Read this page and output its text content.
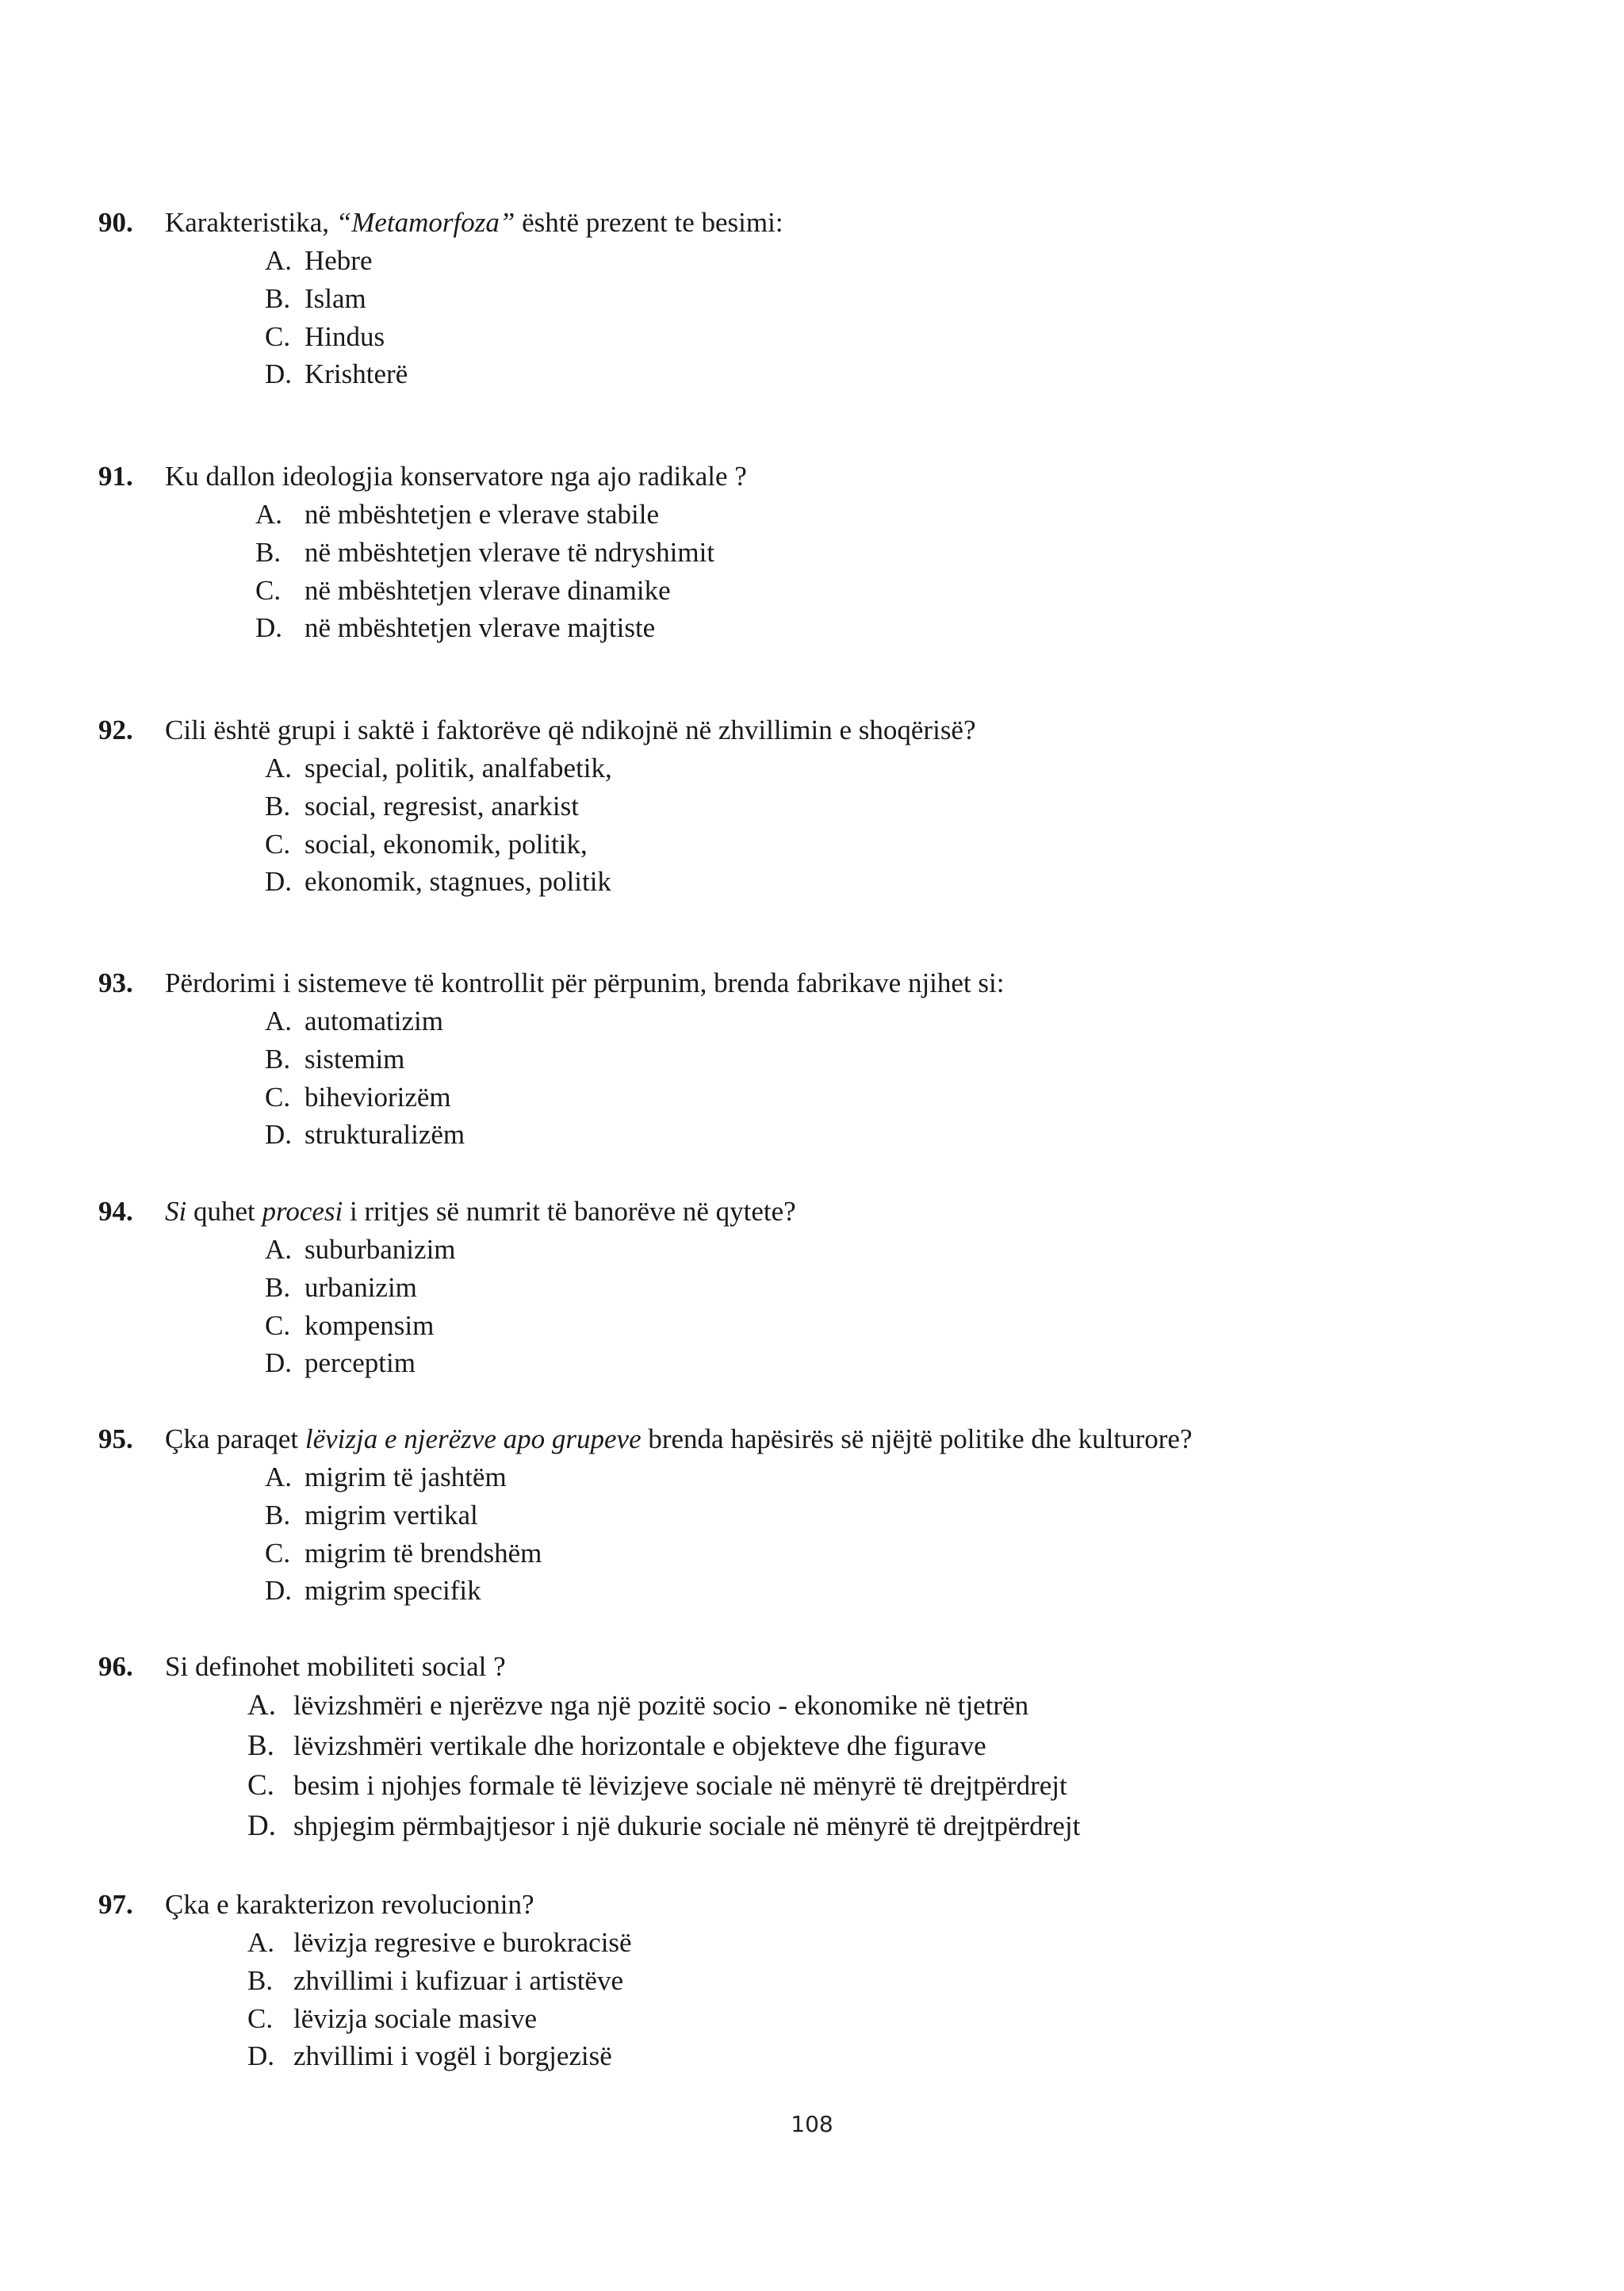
90. Karakteristika, “Metamorfoza” është prezent te besimi:
A. Hebre
B. Islam
C. Hindus
D. Krishterë
91. Ku dallon ideologjia konservatore nga ajo radikale ?
A. në mbështetjen e vlerave stabile
B. në mbështetjen vlerave të ndryshimit
C. në mbështetjen vlerave dinamike
D. në mbështetjen vlerave majtiste
92. Cili është grupi i saktë i faktorëve që ndikojnë në zhvillimin e shoqërisë?
A. special, politik, analfabetik,
B. social, regresist, anarkist
C. social, ekonomik, politik,
D. ekonomik, stagnues, politik
93. Përdorimi i sistemeve të kontrollit për përpunim, brenda fabrikave njihet si:
A. automatizim
B. sistemim
C. biheviorizëm
D. strukturalizëm
94. Si quhet procesi i rritjes së numrit të banorëve në qytete?
A. suburbanizim
B. urbanizim
C. kompensim
D. perceptim
95. Çka paraqet lëvizja e njerëzve apo grupeve brenda hapësirës së njëjtë politike dhe kulturore?
A. migrim të jashtëm
B. migrim vertikal
C. migrim të brendshëm
D. migrim specifik
96. Si definohet mobiliteti social ?
A. lëvizshmëri e njerëzve nga një pozitë socio - ekonomike në tjetrën
B. lëvizshmëri vertikale dhe horizontale e objekteve dhe figurave
C. besim i njohjes formale të lëvizjeve sociale në mënyrë të drejtpërdrejt
D. shpjegim përmbajtjesor i një dukurie sociale në mënyrë të drejtpërdrejt
97. Çka e karakterizon revolucionin?
A. lëvizja regresive e burokracisë
B. zhvillimi i kufizuar i artistëve
C. lëvizja sociale masive
D. zhvillimi i vogël i borgjezisë
108
